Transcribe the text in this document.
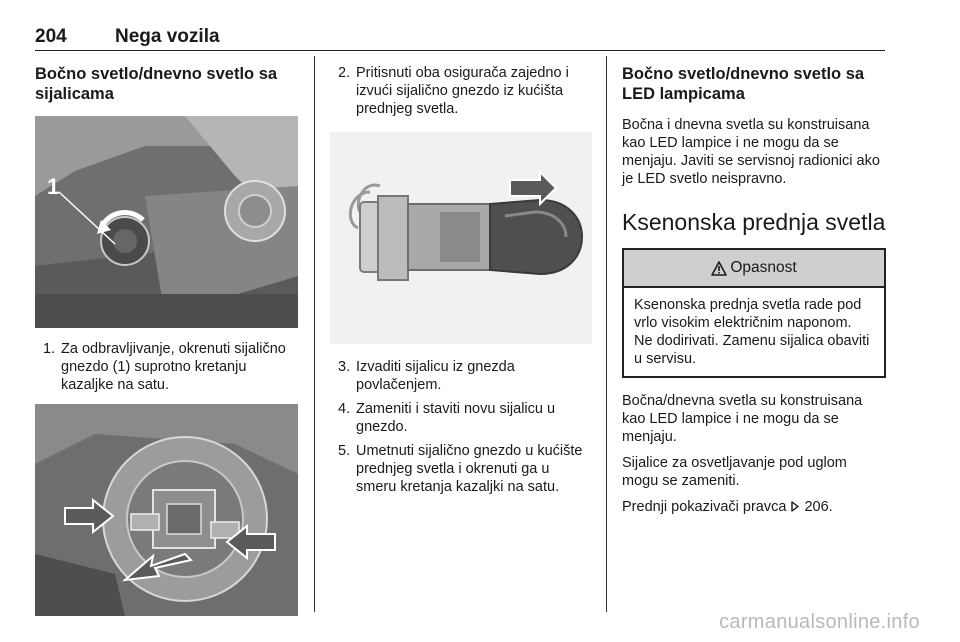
204	Nega vozila
Bočno svetlo/dnevno svetlo sa sijalicama
1
1. Za odbravljivanje, okrenuti sijalično gnezdo (1) suprotno kretanju kazaljke na satu.
2. Pritisnuti oba osigurača zajedno i izvući sijalično gnezdo iz kućišta prednjeg svetla.
3. Izvaditi sijalicu iz gnezda povlačenjem.
4. Zameniti i staviti novu sijalicu u gnezdo.
5. Umetnuti sijalično gnezdo u kućište prednjeg svetla i okrenuti ga u smeru kretanja kazaljki na satu.
Bočno svetlo/dnevno svetlo sa LED lampicama

Bočna i dnevna svetla su konstruisana kao LED lampice i ne mogu da se menjaju. Javiti se servisnoj radionici ako je LED svetlo neispravno.

Ksenonska prednja svetla
Opasnost
Ksenonska prednja svetla rade pod vrlo visokim električnim naponom. Ne dodirivati. Zamenu sijalica obaviti u servisu.

Bočna/dnevna svetla su konstruisana kao LED lampice i ne mogu da se menjaju.

Sijalice za osvetljavanje pod uglom mogu se zameniti.

Prednji pokazivači pravca 206.

carmanualsonline.info
